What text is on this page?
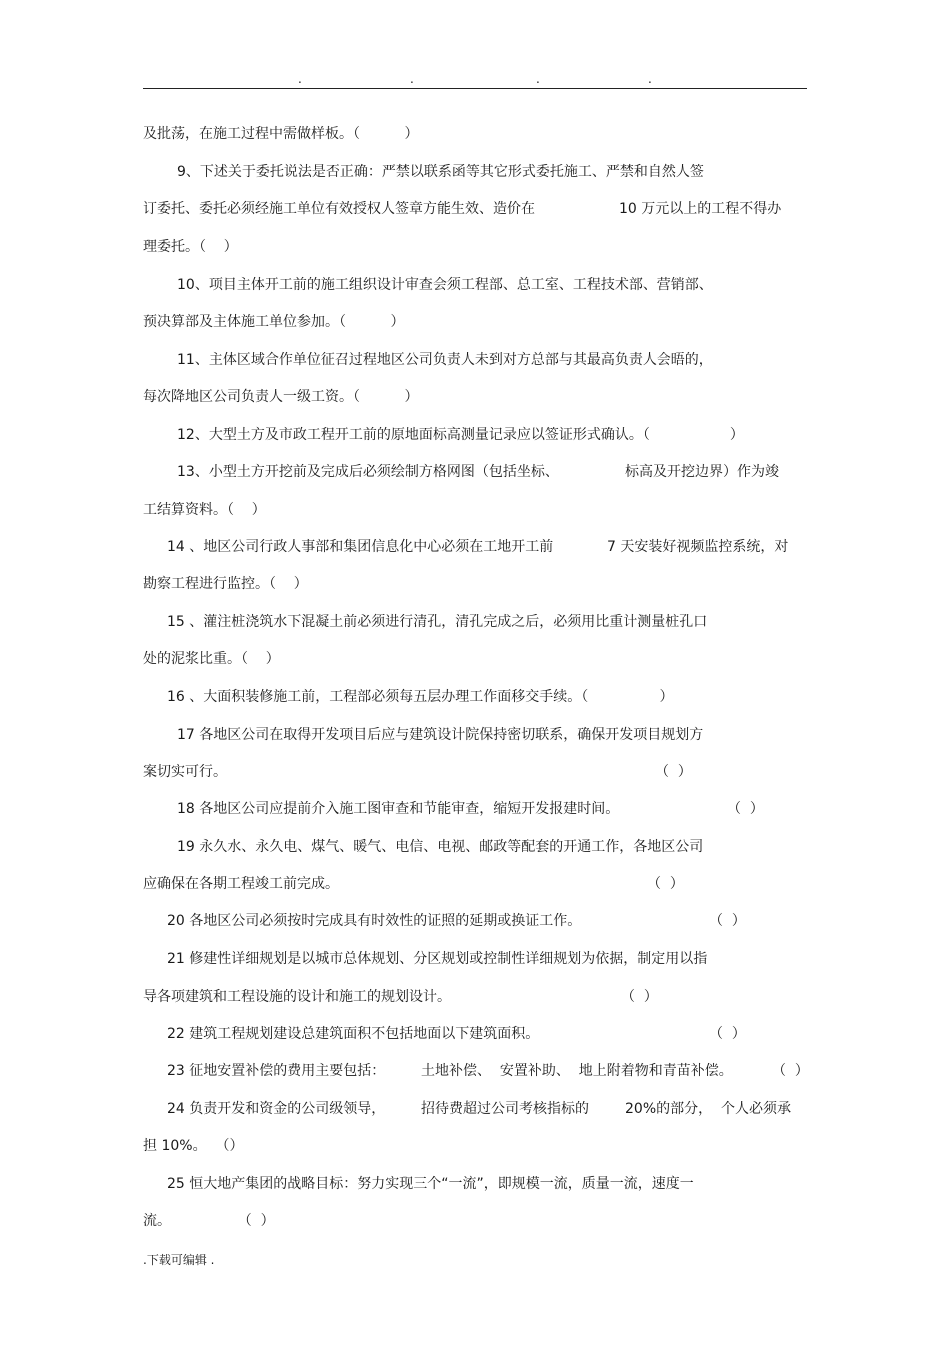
.	.	.	.
及批荡，在施工过程中需做样板。（          ）
9、下述关于委托说法是否正确：严禁以联系函等其它形式委托施工、严禁和自然人签
订委托、委托必须经施工单位有效授权人签章方能生效、造价在	10 万元以上的工程不得办
理委托。（    ）
10、项目主体开工前的施工组织设计审查会须工程部、总工室、工程技术部、营销部、
预决算部及主体施工单位参加。（          ）
11、主体区域合作单位征召过程地区公司负责人未到对方总部与其最高负责人会晤的，
每次降地区公司负责人一级工资。（          ）
12、大型土方及市政工程开工前的原地面标高测量记录应以签证形式确认。（                  ）
13、小型土方开挖前及完成后必须绘制方格网图（包括坐标、	标高及开挖边界）作为竣
工结算资料。（    ）
14 、地区公司行政人事部和集团信息化中心必须在工地开工前	7 天安装好视频监控系统，对
勘察工程进行监控。（    ）
15 、灌注桩浇筑水下混凝土前必须进行清孔，清孔完成之后，必须用比重计测量桩孔口
处的泥浆比重。（    ）
16 、大面积装修施工前，工程部必须每五层办理工作面移交手续。（                ）
17 各地区公司在取得开发项目后应与建筑设计院保持密切联系，确保开发项目规划方
案切实可行。	（  ）
18 各地区公司应提前介入施工图审查和节能审查，缩短开发报建时间。	（  ）
19 永久水、永久电、煤气、暖气、电信、电视、邮政等配套的开通工作，各地区公司
应确保在各期工程竣工前完成。	（  ）
20 各地区公司必须按时完成具有时效性的证照的延期或换证工作。	（  ）
21 修建性详细规划是以城市总体规划、分区规划或控制性详细规划为依据，制定用以指
导各项建筑和工程设施的设计和施工的规划设计。	（  ）
22 建筑工程规划建设总建筑面积不包括地面以下建筑面积。	（  ）
23 征地安置补偿的费用主要包括：	土地补偿、  安置补助、  地上附着物和青苗补偿。	（  ）
24 负责开发和资金的公司级领导，	招待费超过公司考核指标的	20%的部分， 个人必须承
担 10%。  （）
25 恒大地产集团的战略目标：努力实现三个“一流”，即规模一流，质量一流，速度一
流。               （  ）
.下载可编辑 .
